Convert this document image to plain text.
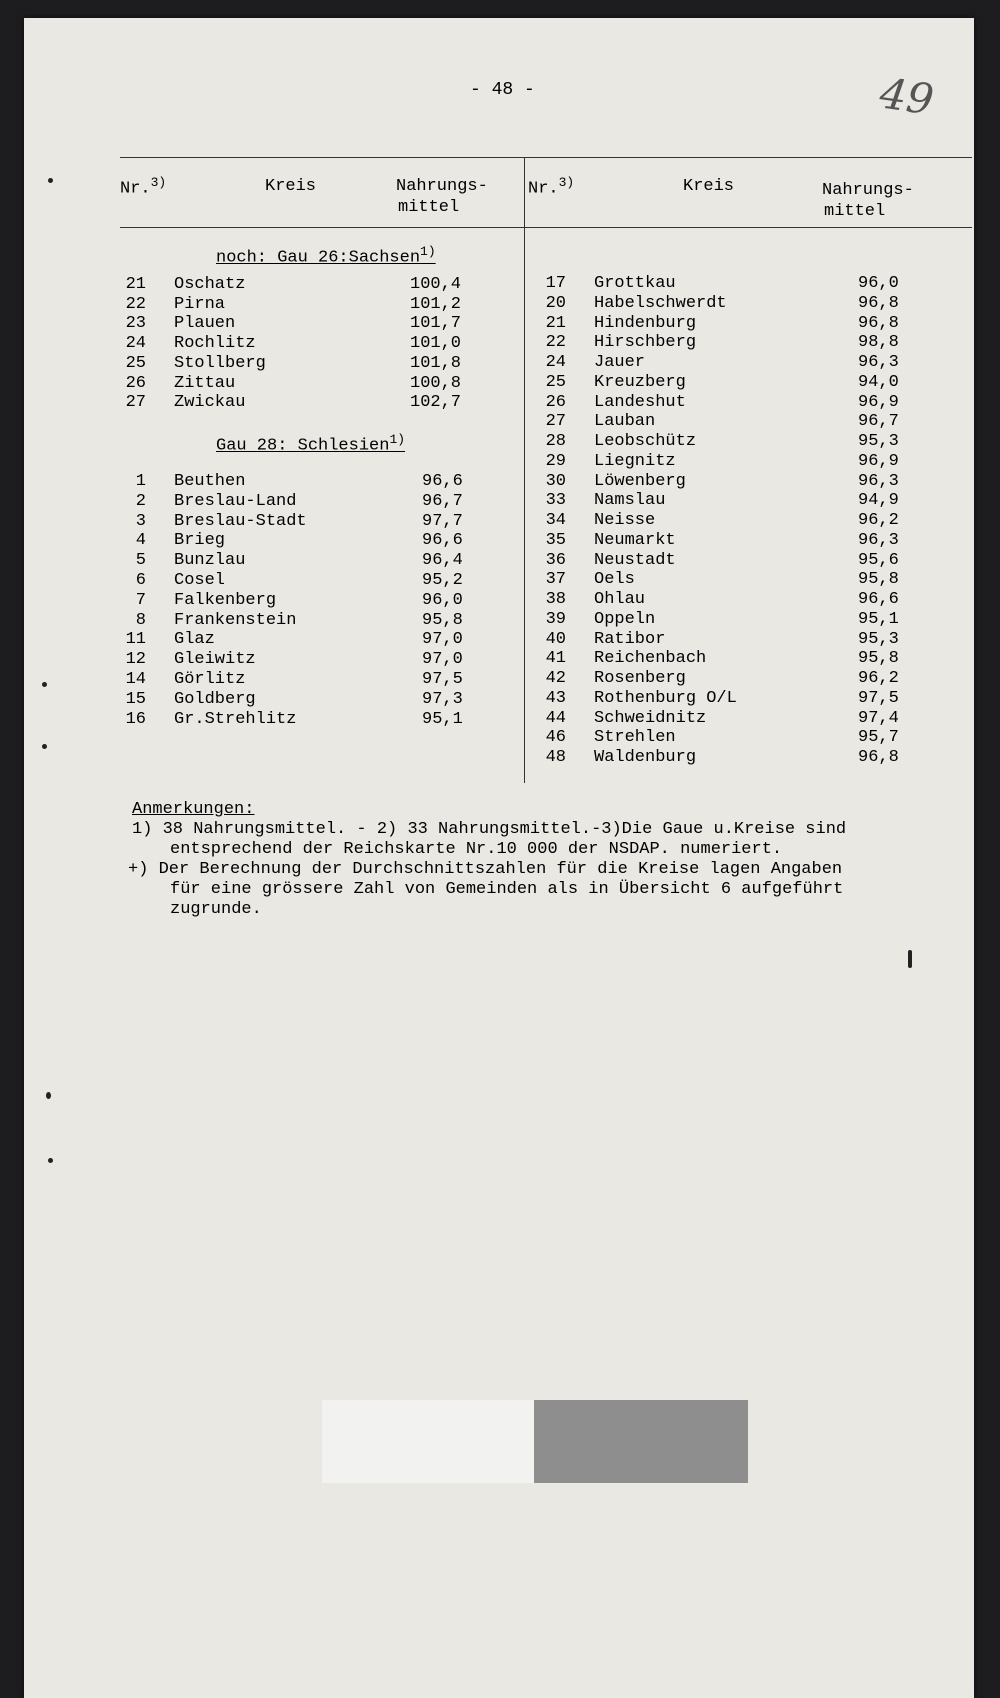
- 48 -	49
Nr.$^{3)}$	Kreis	Nahrungs-
mittel
Nr.$^{3)}$	Kreis	Nahrungs-
mittel
noch: Gau 26:Sachsen$^{1)}$
Gau 28: Schlesien$^{1)}$
21 Oschatz	100,4
22 Pirna	101,2
23 Plauen	101,7
24 Rochlitz	101,0
25 Stollberg	101,8
26 Zittau	100,8
27 Zwickau	102,7
1 Beuthen	96,6
2 Breslau-Land	96,7
3 Breslau-Stadt	97,7
4 Brieg	96,6
5 Bunzlau	96,4
6 Cosel	95,2
7 Falkenberg	96,0
8 Frankenstein	95,8
11 Glaz	97,0
12 Gleiwitz	97,0
14 Görlitz	97,5
15 Goldberg	97,3
16 Gr.Strehlitz	95,1
17 Grottkau	96,0
20 Habelschwerdt	96,8
21 Hindenburg	96,8
22 Hirschberg	98,8
24 Jauer	96,3
25 Kreuzberg	94,0
26 Landeshut	96,9
27 Lauban	96,7
28 Leobschütz	95,3
29 Liegnitz	96,9
30 Löwenberg	96,3
33 Namslau	94,9
34 Neisse	96,2
35 Neumarkt	96,3
36 Neustadt	95,6
37 Oels	95,8
38 Ohlau	96,6
39 Oppeln	95,1
40 Ratibor	95,3
41 Reichenbach	95,8
42 Rosenberg	96,2
43 Rothenburg O/L	97,5
44 Schweidnitz	97,4
46 Strehlen	95,7
48 Waldenburg	96,8

Anmerkungen:

1) 38 Nahrungsmittel. - 2) 33 Nahrungsmittel.-3)Die Gaue u.Kreise sind

entsprechend der Reichskarte Nr.10 000 der NSDAP. numeriert.

+) Der Berechnung der Durchschnittszahlen für die Kreise lagen Angaben

für eine grössere Zahl von Gemeinden als in Übersicht 6 aufgeführt

zugrunde.
